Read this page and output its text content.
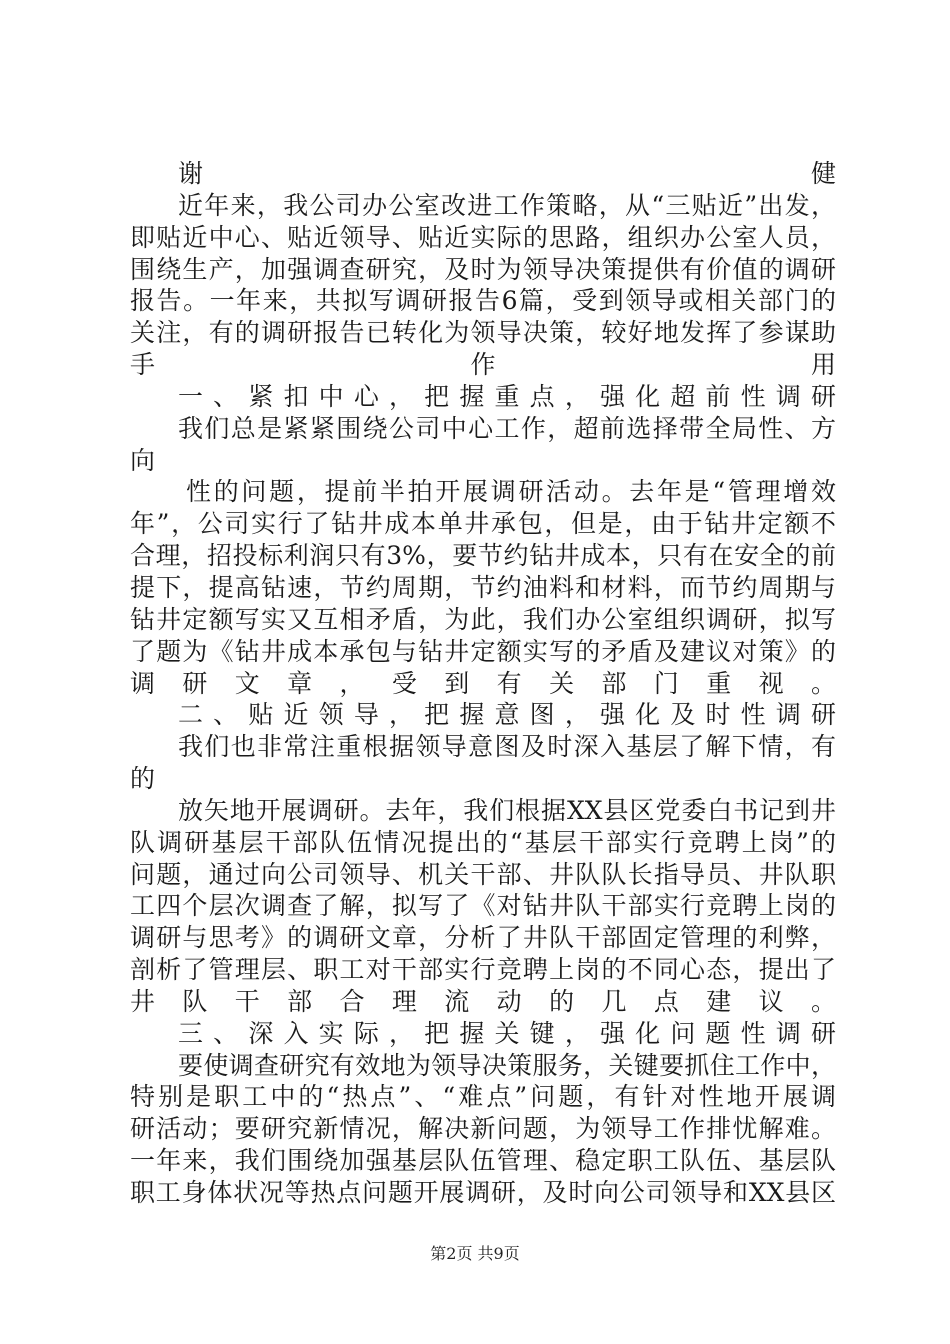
谢健
近年来，我公司办公室改进工作策略，从“三贴近”出发，
即贴近中心、贴近领导、贴近实际的思路，组织办公室人员，
围绕生产，加强调查研究，及时为领导决策提供有价值的调研
报告。一年来，共拟写调研报告6篇，受到领导或相关部门的
关注，有的调研报告已转化为领导决策，较好地发挥了参谋助
手作用
一、紧扣中心，把握重点，强化超前性调研
我们总是紧紧围绕公司中心工作，超前选择带全局性、方
向
性的问题，提前半拍开展调研活动。去年是“管理增效
年”，公司实行了钻井成本单井承包，但是，由于钻井定额不
合理，招投标利润只有3%，要节约钻井成本，只有在安全的前
提下，提高钻速，节约周期，节约油料和材料，而节约周期与
钻井定额写实又互相矛盾，为此，我们办公室组织调研，拟写
了题为《钻井成本承包与钻井定额实写的矛盾及建议对策》的
调研文章，受到有关部门重视。
二、贴近领导，把握意图，强化及时性调研
我们也非常注重根据领导意图及时深入基层了解下情，有
的
放矢地开展调研。去年，我们根据XX县区党委白书记到井
队调研基层干部队伍情况提出的“基层干部实行竞聘上岗”的
问题，通过向公司领导、机关干部、井队队长指导员、井队职
工四个层次调查了解，拟写了《对钻井队干部实行竞聘上岗的
调研与思考》的调研文章，分析了井队干部固定管理的利弊，
剖析了管理层、职工对干部实行竞聘上岗的不同心态，提出了
井队干部合理流动的几点建议。
三、深入实际，把握关键，强化问题性调研
要使调查研究有效地为领导决策服务，关键要抓住工作中，
特别是职工中的“热点”、“难点”问题，有针对性地开展调
研活动；要研究新情况，解决新问题，为领导工作排忧解难。
一年来，我们围绕加强基层队伍管理、稳定职工队伍、基层队
职工身体状况等热点问题开展调研，及时向公司领导和XX县区
第2页 共9页
